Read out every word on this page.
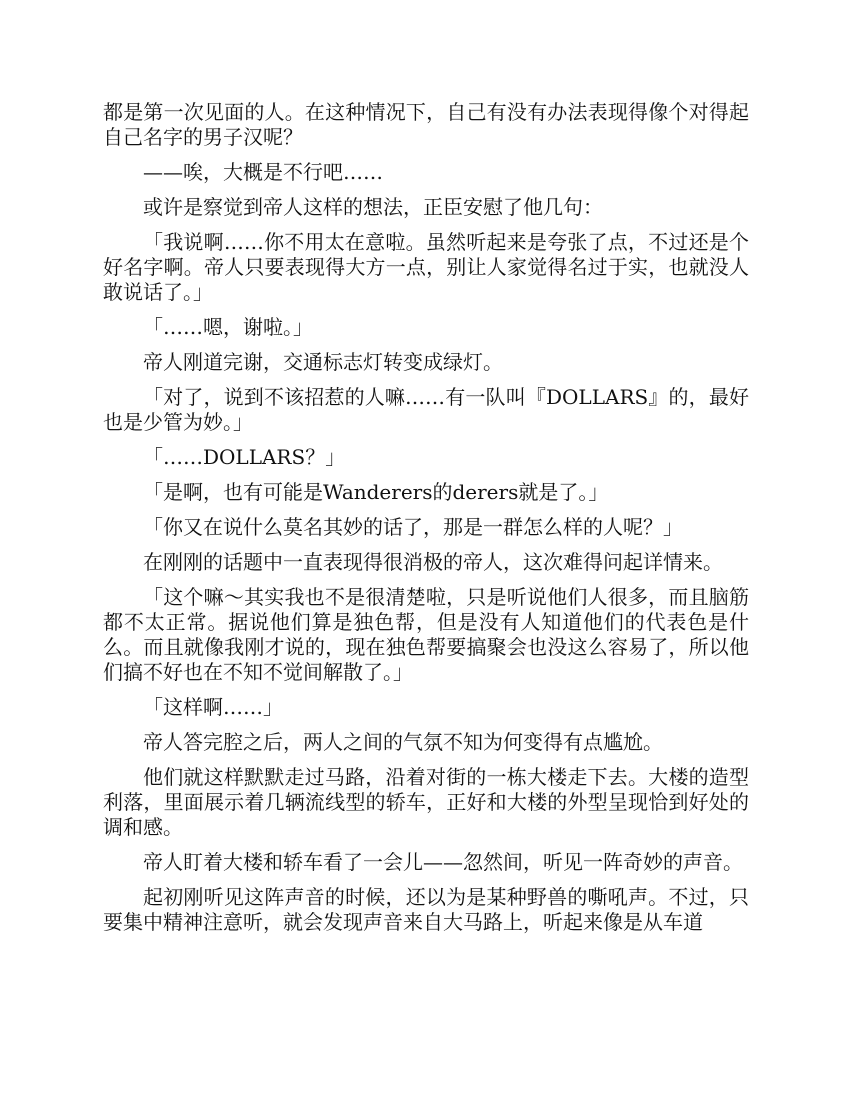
都是第一次见面的人。在这种情况下，自己有没有办法表现得像个对得起自己名字的男子汉呢？

——唉，大概是不行吧……

或许是察觉到帝人这样的想法，正臣安慰了他几句：

「我说啊……你不用太在意啦。虽然听起来是夸张了点，不过还是个好名字啊。帝人只要表现得大方一点，别让人家觉得名过于实，也就没人敢说话了。」

「……嗯，谢啦。」

帝人刚道完谢，交通标志灯转变成绿灯。

「对了，说到不该招惹的人嘛……有一队叫『DOLLARS』的，最好也是少管为妙。」

「……DOLLARS？」

「是啊，也有可能是Wanderers的derers就是了。」

「你又在说什么莫名其妙的话了，那是一群怎么样的人呢？」

在刚刚的话题中一直表现得很消极的帝人，这次难得问起详情来。

「这个嘛～其实我也不是很清楚啦，只是听说他们人很多，而且脑筋都不太正常。据说他们算是独色帮，但是没有人知道他们的代表色是什么。而且就像我刚才说的，现在独色帮要搞聚会也没这么容易了，所以他们搞不好也在不知不觉间解散了。」

「这样啊……」

帝人答完腔之后，两人之间的气氛不知为何变得有点尴尬。

他们就这样默默走过马路，沿着对街的一栋大楼走下去。大楼的造型利落，里面展示着几辆流线型的轿车，正好和大楼的外型呈现恰到好处的调和感。

帝人盯着大楼和轿车看了一会儿——忽然间，听见一阵奇妙的声音。

起初刚听见这阵声音的时候，还以为是某种野兽的嘶吼声。不过，只要集中精神注意听，就会发现声音来自大马路上，听起来像是从车道
